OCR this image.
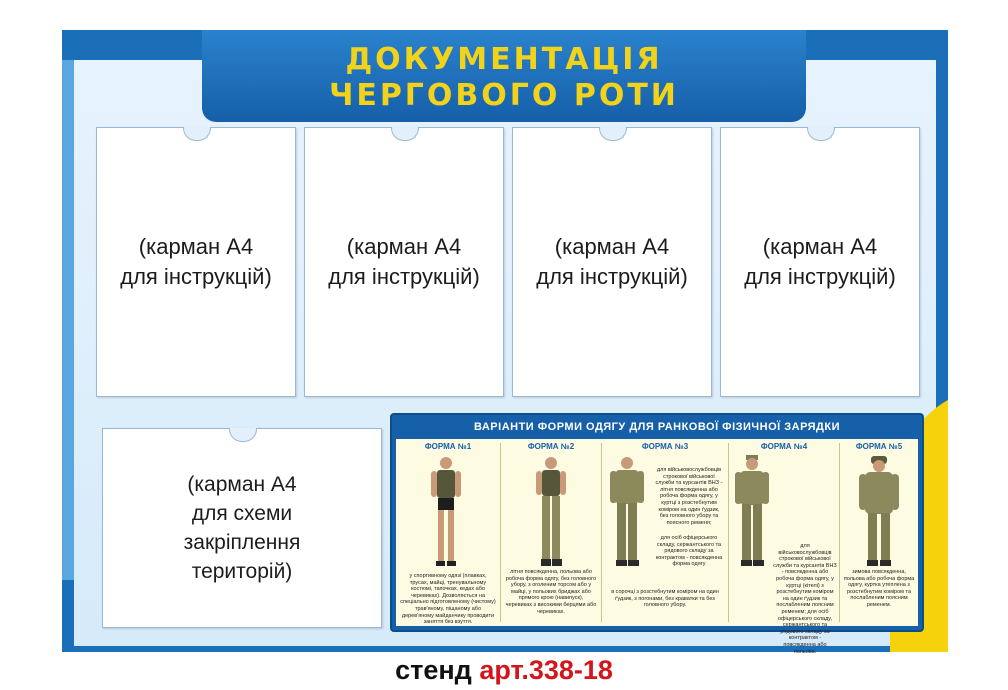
ДОКУМЕНТАЦІЯ
ЧЕРГОВОГО РОТИ
(карман А4
для інструкцій)
(карман А4
для інструкцій)
(карман А4
для інструкцій)
(карман А4
для інструкцій)
(карман А4
для схеми
закріплення
територій)
ВАРІАНТИ ФОРМИ ОДЯГУ ДЛЯ РАНКОВОЇ ФІЗИЧНОЇ ЗАРЯДКИ
ФОРМА №1
у спортивному одязі (плавках, трусах, майці, тренувальному костюмі, тапочках, кедах або черевиках). Дозволяється на спеціально підготовленому (чистому) трав'яному, піщаному або дерев'яному майданчику проводити заняття без взуття.
ФОРМА №2
літня повсякденна, польова або робоча форма одягу, без головного убору, з оголеним торсом або у майці, у польових бриджах або прямого крою (навипуск), черевиках з високими берцями або черевиках.
ФОРМА №3
для військовослужбовців строкової військової служби та курсантів ВНЗ - літня повсякденна або робоча форма одягу, у куртці з розстебнутим коміром на один ґудзик, без головного убору та поясного ременя;
для осіб офіцерського складу, сержантського та рядового складу за контрактом - повсякденна форма одягу
в сорочці з розстебнутим коміром на один ґудзик, з погонами, без краватки та без головного убору.
ФОРМА №4
для військовослужбовців строкової військової служби та курсантів ВНЗ - повсякденна або робоча форма одягу, у куртці (кітелі) з розстебнутим коміром на один ґудзик та послабленим поясним ременем; для осіб офіцерського складу, сержантського та рядового складу за контрактом - повсякденна або польова.
ФОРМА №5
зимова повсякденна, польова або робоча форма одягу, куртка утеплена з розстебнутим коміром та послабленим поясним ременем.
стенд арт.338-18
